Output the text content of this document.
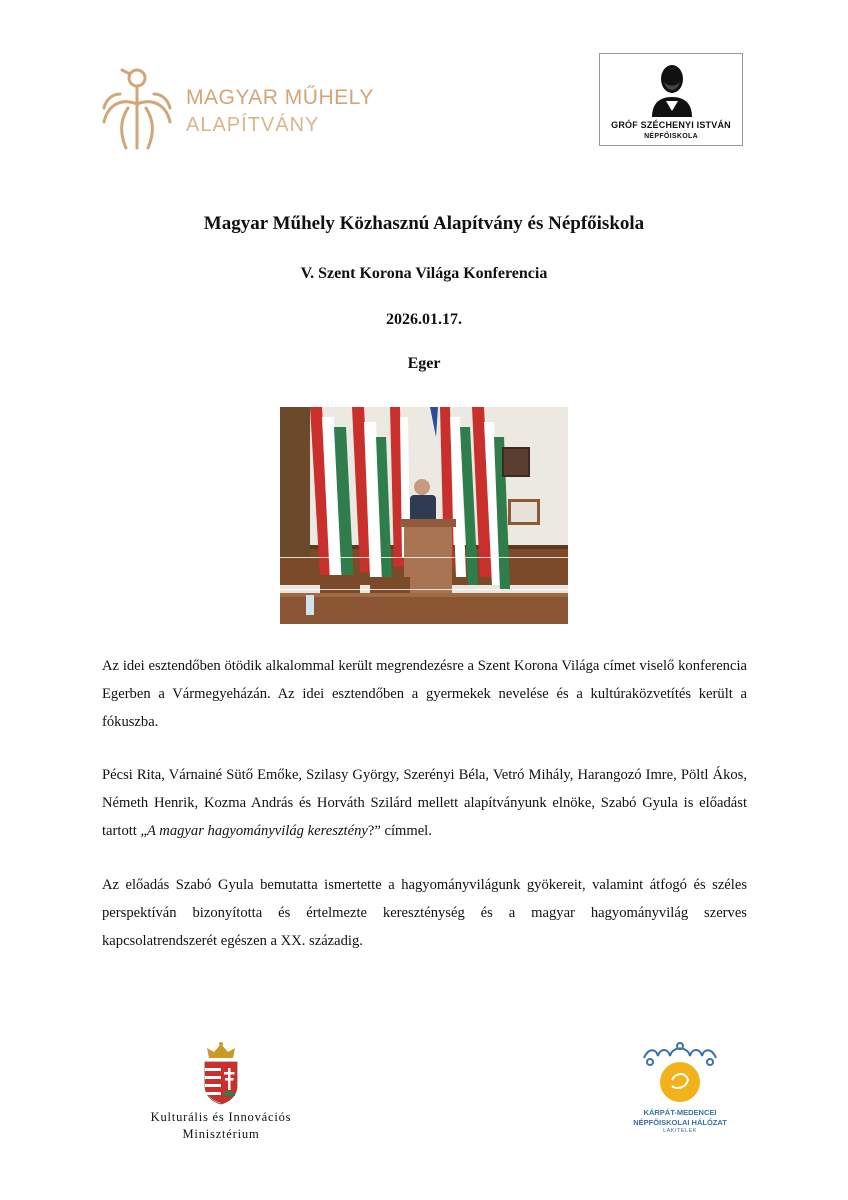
MAGYAR MŰHELY
ALAPÍTVÁNY	GRÓF SZÉCHENYI ISTVÁN
NÉPFŐISKOLA
Magyar Műhely Közhasznú Alapítvány és Népfőiskola
V. Szent Korona Világa Konferencia
2026.01.17.
Eger
Az idei esztendőben ötödik alkalommal került megrendezésre a Szent Korona Világa címet viselő konferencia Egerben a Vármegyeházán. Az idei esztendőben a gyermekek nevelése és a kultúraközvetítés került a fókuszba.
Pécsi Rita, Várnainé Sütő Emőke, Szilasy György, Szerényi Béla, Vetró Mihály, Harangozó Imre, Pöltl Ákos, Németh Henrik, Kozma András és Horváth Szilárd mellett alapítványunk elnöke, Szabó Gyula is előadást tartott „A magyar hagyományvilág keresztény?” címmel.
Az előadás Szabó Gyula bemutatta ismertette a hagyományvilágunk gyökereit, valamint átfogó és széles perspektíván bizonyította és értelmezte kereszténység és a magyar hagyományvilág szerves kapcsolatrendszerét egészen a XX. századig.
Kulturális és Innovációs
Minisztérium
KÁRPÁT-MEDENCEI
NÉPFŐISKOLAI HÁLÓZAT
LAKITELEK
